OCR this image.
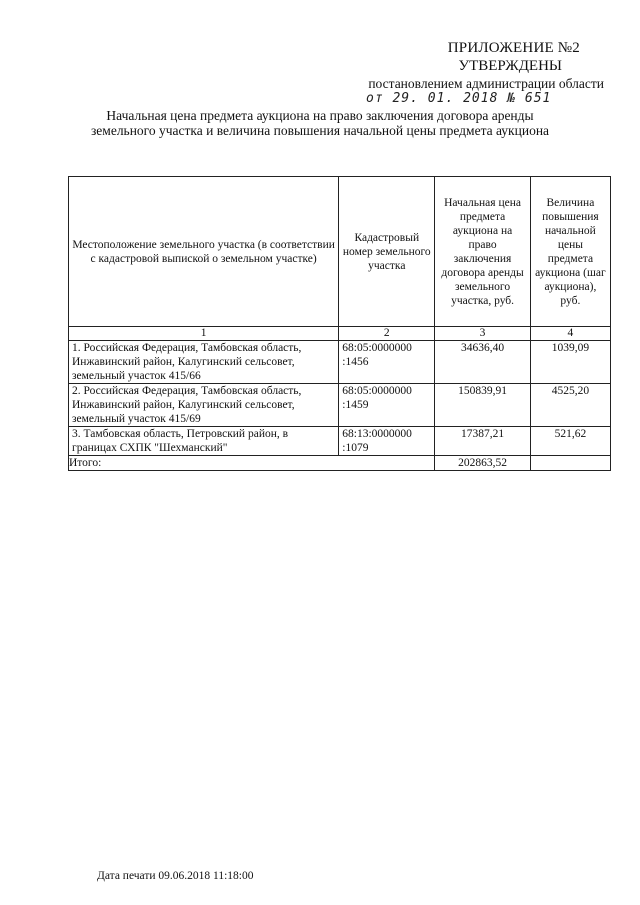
ПРИЛОЖЕНИЕ №2
УТВЕРЖДЕНЫ
постановлением администрации области
от 29. 01. 2018 № 651
Начальная цена предмета аукциона на право заключения договора аренды земельного участка и величина повышения начальной цены предмета аукциона
Местоположение земельного участка (в соответствии с кадастровой выпиской о земельном участке)	Кадастровый номер земельного участка	Начальная цена предмета аукциона на право заключения договора аренды земельного участка, руб.	Величина повышения начальной цены предмета аукциона (шаг аукциона), руб.
1	2	3	4
1. Российская Федерация, Тамбовская область, Инжавинский район, Калугинский сельсовет, земельный участок 415/66	68:05:0000000 :1456	34636,40	1039,09
2. Российская Федерация, Тамбовская область, Инжавинский район, Калугинский сельсовет, земельный участок 415/69	68:05:0000000 :1459	150839,91	4525,20
3. Тамбовская область, Петровский район, в границах СХПК "Шехманский"	68:13:0000000 :1079	17387,21	521,62
Итого:		202863,52	
Дата печати 09.06.2018 11:18:00
